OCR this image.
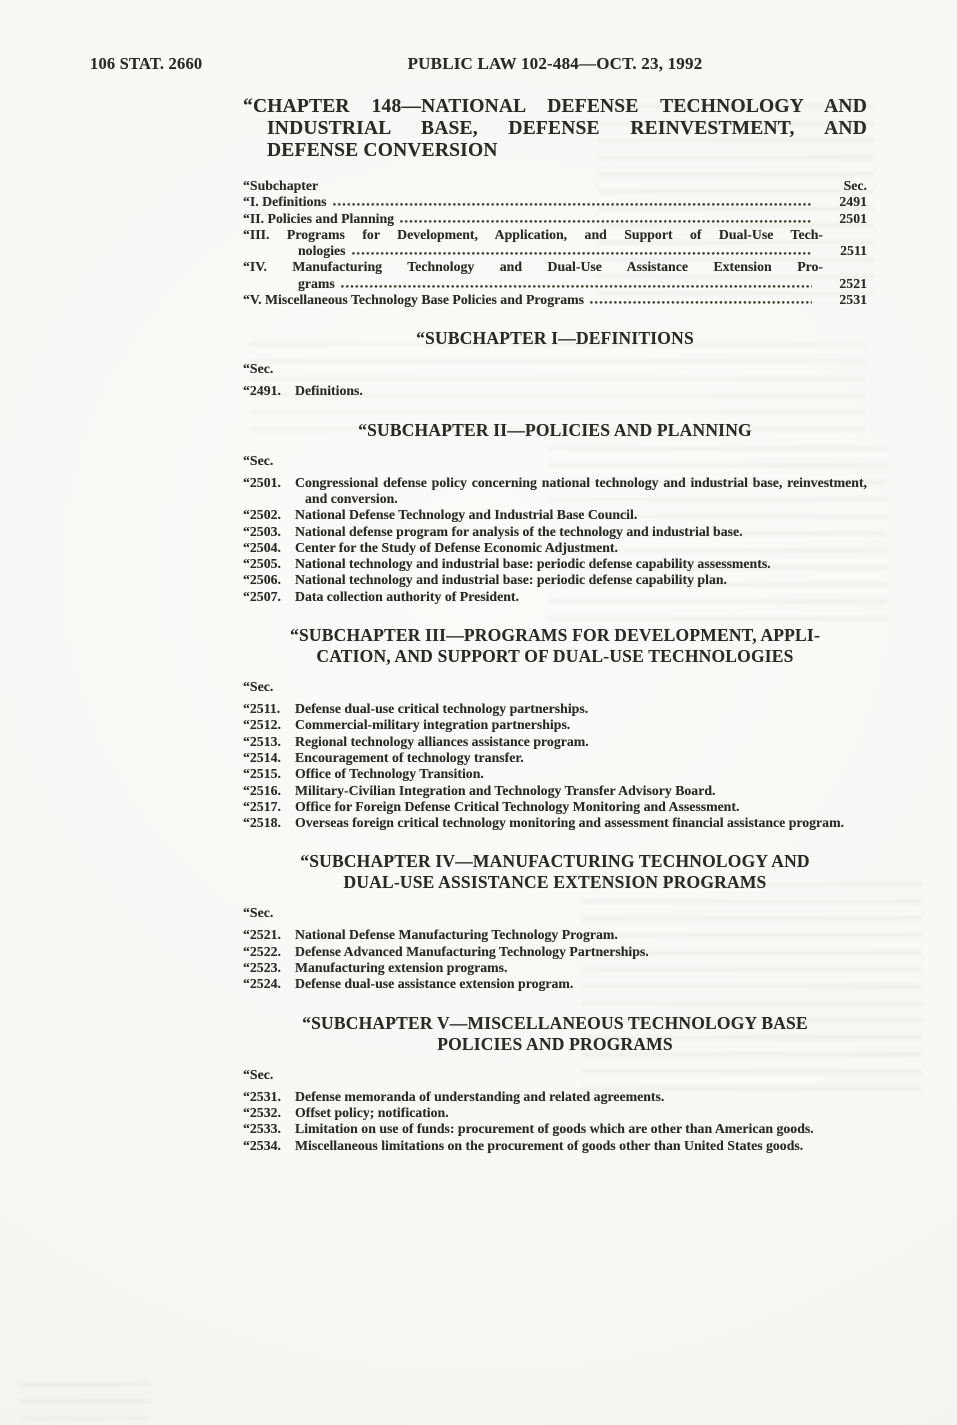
106 STAT. 2660	PUBLIC LAW 102-484—OCT. 23, 1992
“CHAPTER 148—NATIONAL DEFENSE TECHNOLOGY AND
INDUSTRIAL BASE, DEFENSE REINVESTMENT, AND
DEFENSE CONVERSION
“Subchapter	Sec.
“I. Definitions	2491
“II. Policies and Planning	2501
“III. Programs for Development, Application, and Support of Dual-Use Tech-
nologies	2511
“IV. Manufacturing Technology and Dual-Use Assistance Extension Pro-
grams	2521
“V. Miscellaneous Technology Base Policies and Programs	2531
“SUBCHAPTER I—DEFINITIONS
“Sec.
“2491. Definitions.
“SUBCHAPTER II—POLICIES AND PLANNING
“Sec.
“2501. Congressional defense policy concerning national technology and industrial base, reinvestment, and conversion.
“2502. National Defense Technology and Industrial Base Council.
“2503. National defense program for analysis of the technology and industrial base.
“2504. Center for the Study of Defense Economic Adjustment.
“2505. National technology and industrial base: periodic defense capability assessments.
“2506. National technology and industrial base: periodic defense capability plan.
“2507. Data collection authority of President.
“SUBCHAPTER III—PROGRAMS FOR DEVELOPMENT, APPLI-
CATION, AND SUPPORT OF DUAL-USE TECHNOLOGIES
“Sec.
“2511. Defense dual-use critical technology partnerships.
“2512. Commercial-military integration partnerships.
“2513. Regional technology alliances assistance program.
“2514. Encouragement of technology transfer.
“2515. Office of Technology Transition.
“2516. Military-Civilian Integration and Technology Transfer Advisory Board.
“2517. Office for Foreign Defense Critical Technology Monitoring and Assessment.
“2518. Overseas foreign critical technology monitoring and assessment financial assistance program.
“SUBCHAPTER IV—MANUFACTURING TECHNOLOGY AND
DUAL-USE ASSISTANCE EXTENSION PROGRAMS
“Sec.
“2521. National Defense Manufacturing Technology Program.
“2522. Defense Advanced Manufacturing Technology Partnerships.
“2523. Manufacturing extension programs.
“2524. Defense dual-use assistance extension program.
“SUBCHAPTER V—MISCELLANEOUS TECHNOLOGY BASE
POLICIES AND PROGRAMS
“Sec.
“2531. Defense memoranda of understanding and related agreements.
“2532. Offset policy; notification.
“2533. Limitation on use of funds: procurement of goods which are other than American goods.
“2534. Miscellaneous limitations on the procurement of goods other than United States goods.
